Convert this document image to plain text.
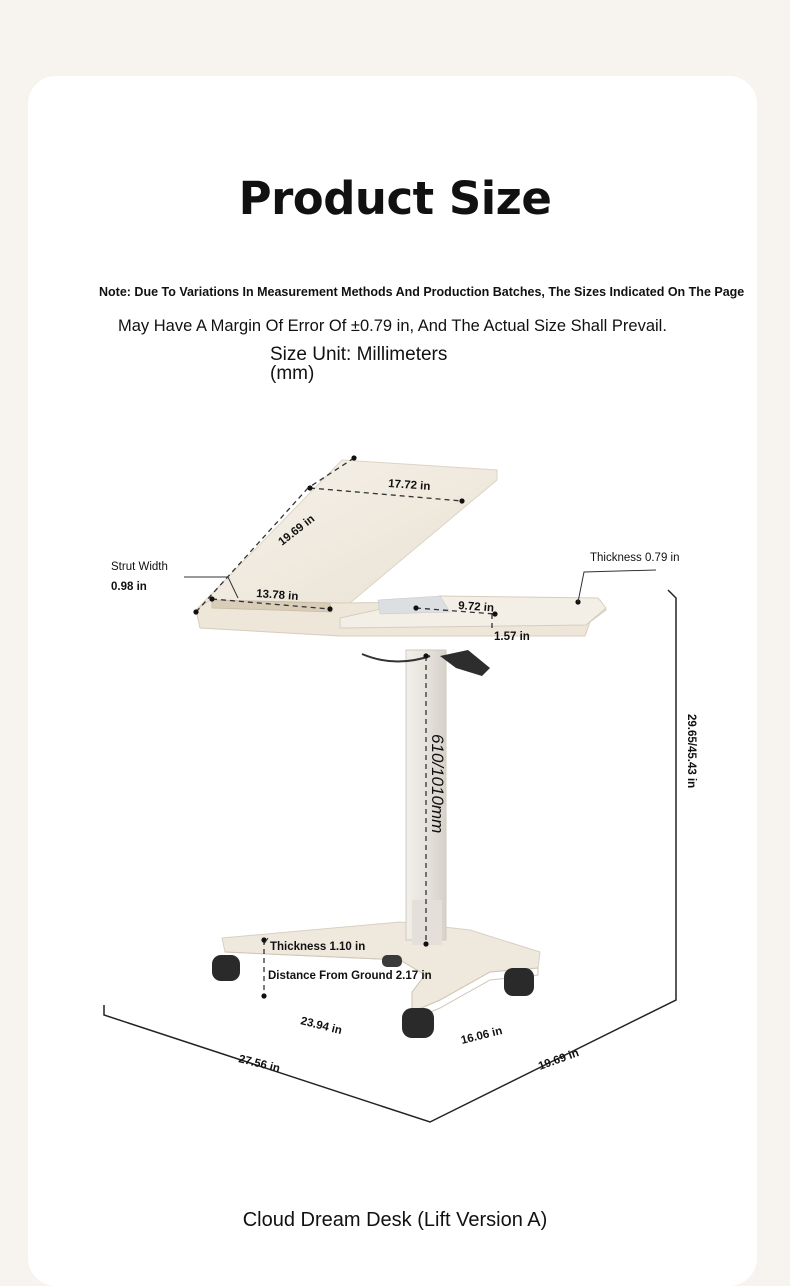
Product Size
Note: Due To Variations In Measurement Methods And Production Batches, The Sizes Indicated On The Page
May Have A Margin Of Error Of ±0.79 in, And The Actual Size Shall Prevail.
Size Unit: Millimeters
(mm)
17.72 in
19.69 in
Strut Width
0.98 in
13.78 in
9.72 in
1.57 in
Thickness 0.79 in
29.65/45.43 in
610/1010mm
Thickness 1.10 in
Distance From Ground 2.17 in
23.94 in	16.06 in
27.56 in	19.69 in
Cloud Dream Desk (Lift Version A)
